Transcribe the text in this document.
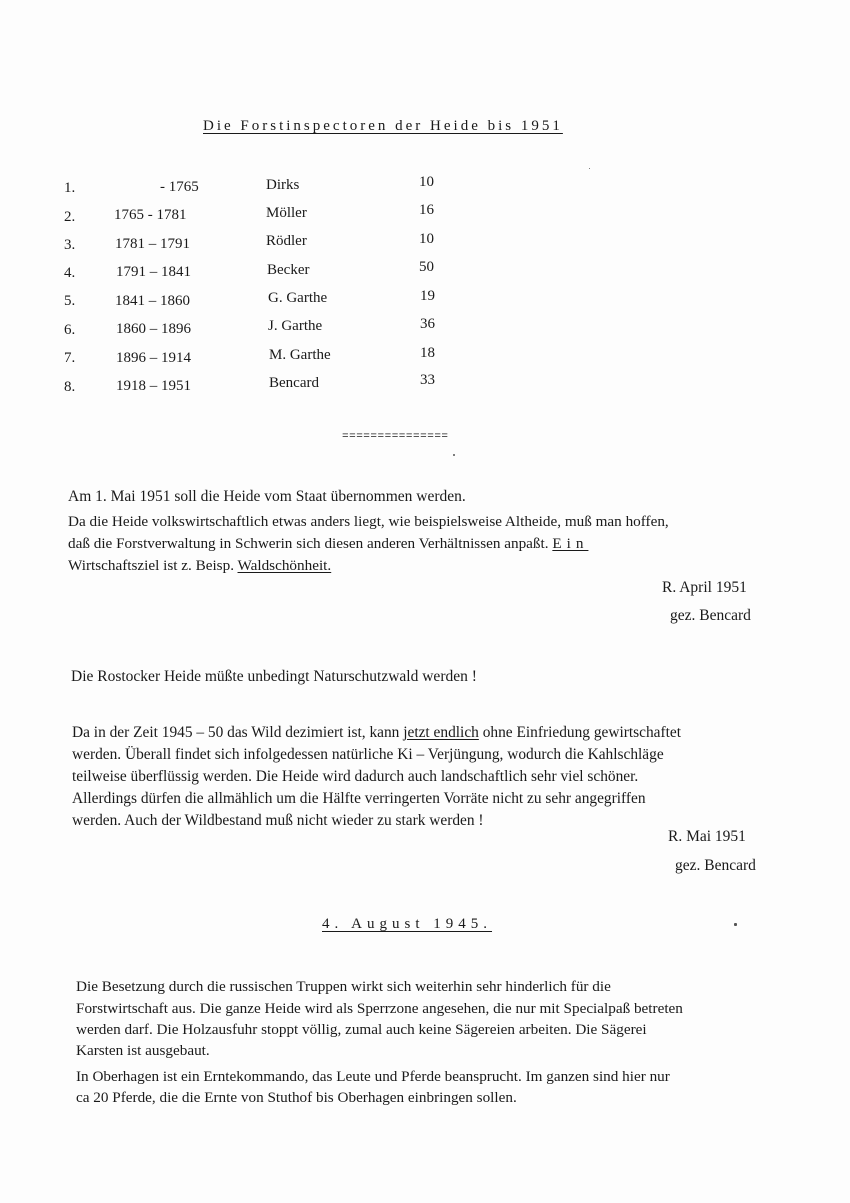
Die Forstinspectoren der Heide bis 1951
1.	- 1765	Dirks	10
2.	1765 - 1781	Möller	16
3.	1781 – 1791	Rödler	10
4.	1791 – 1841	Becker	50
5.	1841 – 1860	G. Garthe	19
6.	1860 – 1896	J. Garthe	36
7.	1896 – 1914	M. Garthe	18
8.	1918 – 1951	Bencard	33
===============
Am 1. Mai 1951 soll die Heide vom Staat übernommen werden.
Da die Heide volkswirtschaftlich etwas anders liegt, wie beispielsweise Altheide, muß man hoffen,
daß die Forstverwaltung in Schwerin sich diesen anderen Verhältnissen anpaßt. Ein
Wirtschaftsziel ist z. Beisp. Waldschönheit.
R. April 1951
gez. Bencard
Die Rostocker Heide müßte unbedingt Naturschutzwald werden !
Da in der Zeit 1945 – 50 das Wild dezimiert ist, kann jetzt endlich ohne Einfriedung gewirtschaftet
werden. Überall findet sich infolgedessen natürliche Ki – Verjüngung, wodurch die Kahlschläge
teilweise überflüssig werden. Die Heide wird dadurch auch landschaftlich sehr viel schöner.
Allerdings dürfen die allmählich um die Hälfte verringerten Vorräte nicht zu sehr angegriffen
werden. Auch der Wildbestand muß nicht wieder zu stark werden !
R. Mai 1951
gez. Bencard
4. August 1945.
Die Besetzung durch die russischen Truppen wirkt sich weiterhin sehr hinderlich für die
Forstwirtschaft aus. Die ganze Heide wird als Sperrzone angesehen, die nur mit Specialpaß betreten
werden darf. Die Holzausfuhr stoppt völlig, zumal auch keine Sägereien arbeiten. Die Sägerei
Karsten ist ausgebaut.
In Oberhagen ist ein Erntekommando, das Leute und Pferde beansprucht. Im ganzen sind hier nur
ca 20 Pferde, die die Ernte von Stuthof bis Oberhagen einbringen sollen.
